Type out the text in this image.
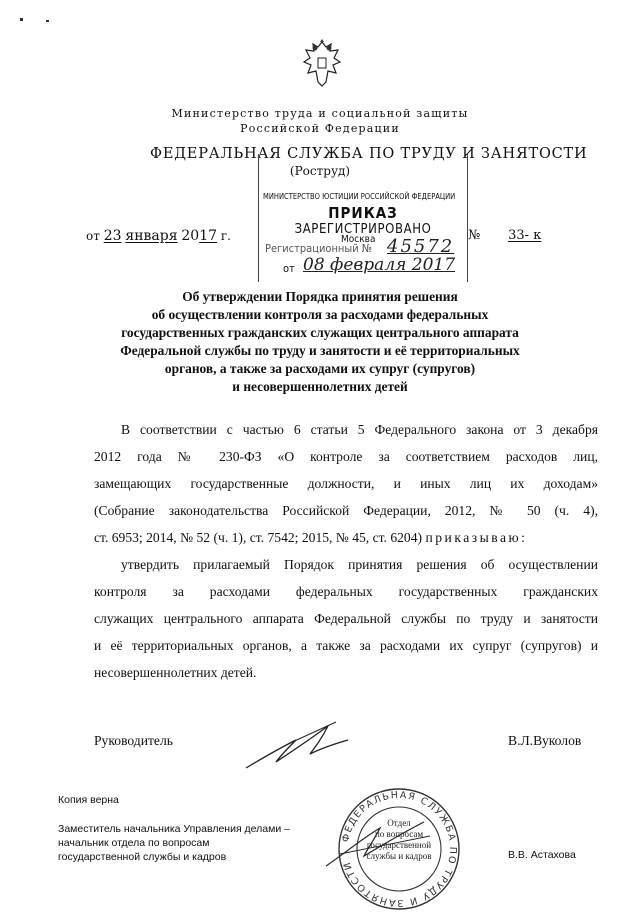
Министерство труда и социальной защиты
Российской Федерации
ФЕДЕРАЛЬНАЯ СЛУЖБА ПО ТРУДУ И ЗАНЯТОСТИ
(Роструд)
МИНИСТЕРСТВО ЮСТИЦИИ РОССИЙСКОЙ ФЕДЕРАЦИИ
ПРИКАЗ
ЗАРЕГИСТРИРОВАНО
Регистрационный № 45572
Москва
от 08 февраля 2017
от 23 января 2017 г.	№ 33- к
Об утверждении Порядка принятия решения
об осуществлении контроля за расходами федеральных
государственных гражданских служащих центрального аппарата
Федеральной службы по труду и занятости и её территориальных
органов, а также за расходами их супруг (супругов)
и несовершеннолетних детей
В соответствии с частью 6 статьи 5 Федерального закона от 3 декабря
2012 года № 230-ФЗ «О контроле за соответствием расходов лиц,
замещающих государственные должности, и иных лиц их доходам»
(Собрание законодательства Российской Федерации, 2012, № 50 (ч. 4),
ст. 6953; 2014, № 52 (ч. 1), ст. 7542; 2015, № 45, ст. 6204) приказываю:
утвердить прилагаемый Порядок принятия решения об осуществлении
контроля за расходами федеральных государственных гражданских
служащих центрального аппарата Федеральной службы по труду и занятости
и её территориальных органов, а также за расходами их супруг (супругов) и
несовершеннолетних детей.
Руководитель	В.Л.Вуколов
Копия верна
Заместитель начальника Управления делами –
начальник отдела по вопросам
государственной службы и кадров	В.В. Астахова
ФЕДЕРАЛЬНАЯ СЛУЖБА ПО ТРУДУ И ЗАНЯТОСТИ
Отдел
по вопросам
государственной
службы и кадров
